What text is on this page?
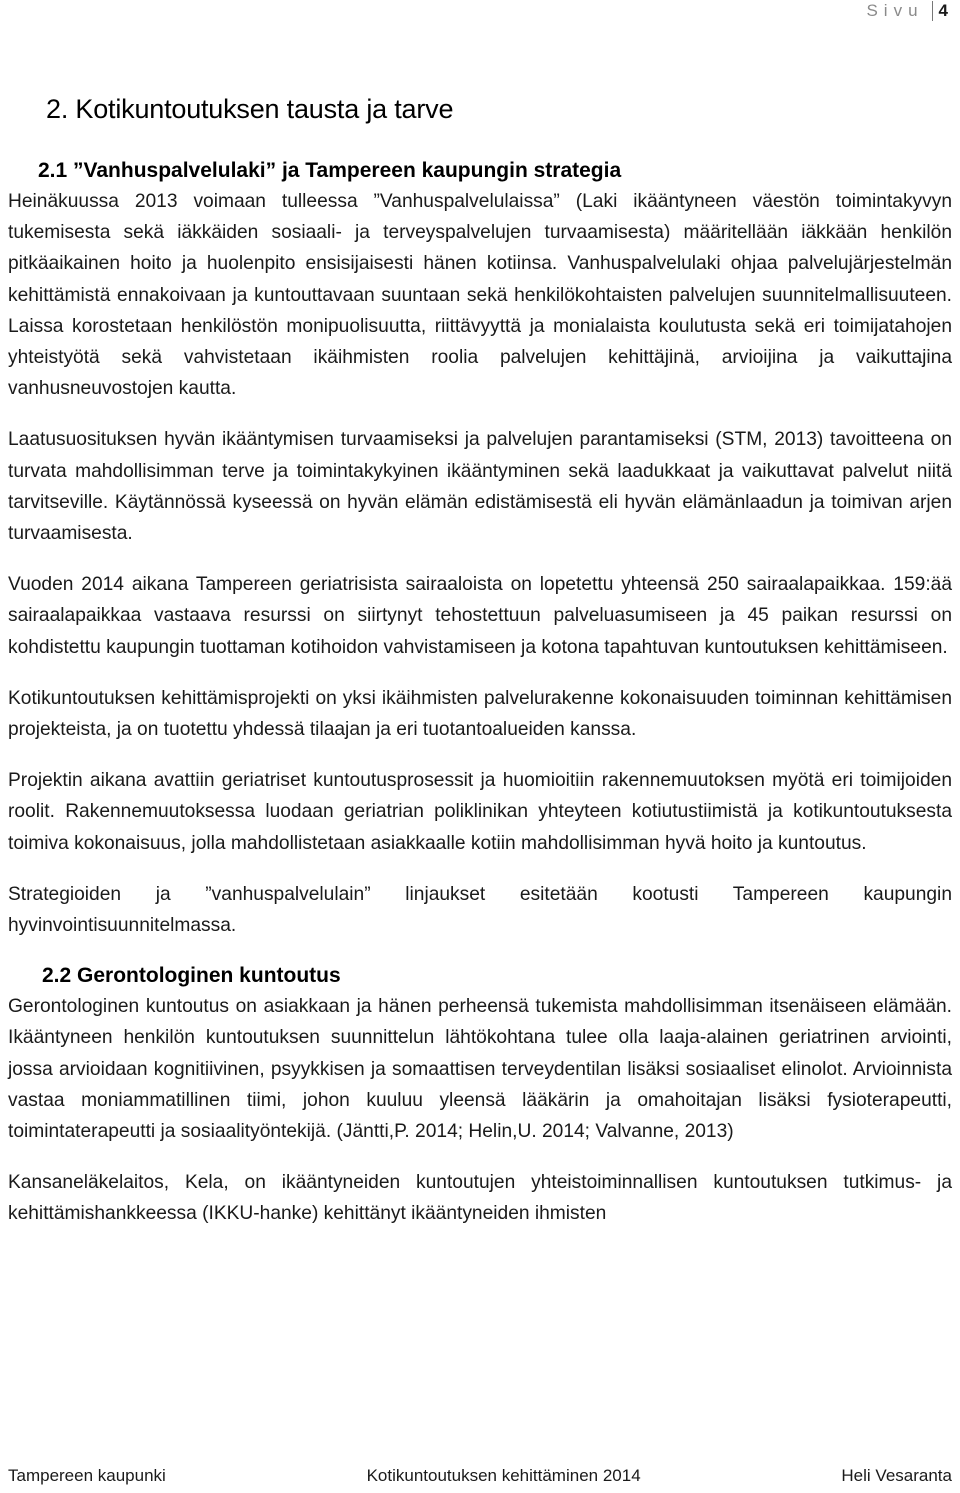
Sivu 4
2. Kotikuntoutuksen tausta ja tarve
2.1 ”Vanhuspalvelulaki” ja Tampereen kaupungin strategia

Heinäkuussa 2013 voimaan tulleessa ”Vanhuspalvelulaissa” (Laki ikääntyneen väestön toimintakyvyn tukemisesta sekä iäkkäiden sosiaali- ja terveyspalvelujen turvaamisesta) määritellään iäkkään henkilön pitkäaikainen hoito ja huolenpito ensisijaisesti hänen kotiinsa. Vanhuspalvelulaki ohjaa palvelujärjestelmän kehittämistä ennakoivaan ja kuntouttavaan suuntaan sekä henkilökohtaisten palvelujen suunnitelmallisuuteen. Laissa korostetaan henkilöstön monipuolisuutta, riittävyyttä ja monialaista koulutusta sekä eri toimijatahojen yhteistyötä sekä vahvistetaan ikäihmisten roolia palvelujen kehittäjinä, arvioijina ja vaikuttajina vanhusneuvostojen kautta.

Laatusuosituksen hyvän ikääntymisen turvaamiseksi ja palvelujen parantamiseksi (STM, 2013) tavoitteena on turvata mahdollisimman terve ja toimintakykyinen ikääntyminen sekä laadukkaat ja vaikuttavat palvelut niitä tarvitseville. Käytännössä kyseessä on hyvän elämän edistämisestä eli hyvän elämänlaadun ja toimivan arjen turvaamisesta.

Vuoden 2014 aikana Tampereen geriatrisista sairaaloista on lopetettu yhteensä 250 sairaalapaikkaa. 159:ää sairaalapaikkaa vastaava resurssi on siirtynyt tehostettuun palveluasumiseen ja 45 paikan resurssi on kohdistettu kaupungin tuottaman kotihoidon vahvistamiseen ja kotona tapahtuvan kuntoutuksen kehittämiseen.

Kotikuntoutuksen kehittämisprojekti on yksi ikäihmisten palvelurakenne kokonaisuuden toiminnan kehittämisen projekteista, ja on tuotettu yhdessä tilaajan ja eri tuotantoalueiden kanssa.

Projektin aikana avattiin geriatriset kuntoutusprosessit ja huomioitiin rakennemuutoksen myötä eri toimijoiden roolit. Rakennemuutoksessa luodaan geriatrian poliklinikan yhteyteen kotiutustiimistä ja kotikuntoutuksesta toimiva kokonaisuus, jolla mahdollistetaan asiakkaalle kotiin mahdollisimman hyvä hoito ja kuntoutus.

Strategioiden ja ”vanhuspalvelulain” linjaukset esitetään kootusti Tampereen kaupungin hyvinvointisuunnitelmassa.

2.2 Gerontologinen kuntoutus

Gerontologinen kuntoutus on asiakkaan ja hänen perheensä tukemista mahdollisimman itsenäiseen elämään. Ikääntyneen henkilön kuntoutuksen suunnittelun lähtökohtana tulee olla laaja-alainen geriatrinen arviointi, jossa arvioidaan kognitiivinen, psyykkisen ja somaattisen terveydentilan lisäksi sosiaaliset elinolot. Arvioinnista vastaa moniammatillinen tiimi, johon kuuluu yleensä lääkärin ja omahoitajan lisäksi fysioterapeutti, toimintaterapeutti ja sosiaalityöntekijä. (Jäntti,P. 2014; Helin,U. 2014; Valvanne, 2013)

Kansaneläkelaitos, Kela, on ikääntyneiden kuntoutujen yhteistoiminnallisen kuntoutuksen tutkimus- ja kehittämishankkeessa (IKKU-hanke) kehittänyt ikääntyneiden ihmisten

Tampereen kaupunki	Kotikuntoutuksen kehittäminen 2014	Heli Vesaranta
